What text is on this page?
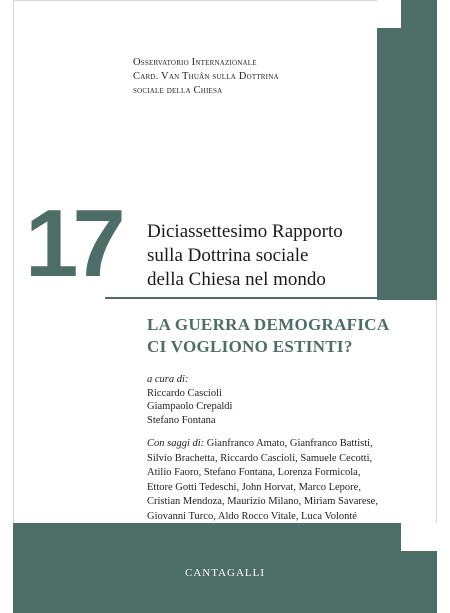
Osservatorio Internazionale
Card. Van Thuân sulla Dottrina
sociale della Chiesa
17 Diciassettesimo Rapporto
sulla Dottrina sociale
della Chiesa nel mondo
LA GUERRA DEMOGRAFICA
CI VOGLIONO ESTINTI?
a cura di:
Riccardo Cascioli
Giampaolo Crepaldi
Stefano Fontana
Con saggi di: Gianfranco Amato, Gianfranco Battisti,
Silvio Brachetta, Riccardo Cascioli, Samuele Cecotti,
Atilio Faoro, Stefano Fontana, Lorenza Formicola,
Ettore Gotti Tedeschi, John Horvat, Marco Lepore,
Cristian Mendoza, Maurizio Milano, Miriam Savarese,
Giovanni Turco, Aldo Rocco Vitale, Luca Volonté
CANTAGALLI
